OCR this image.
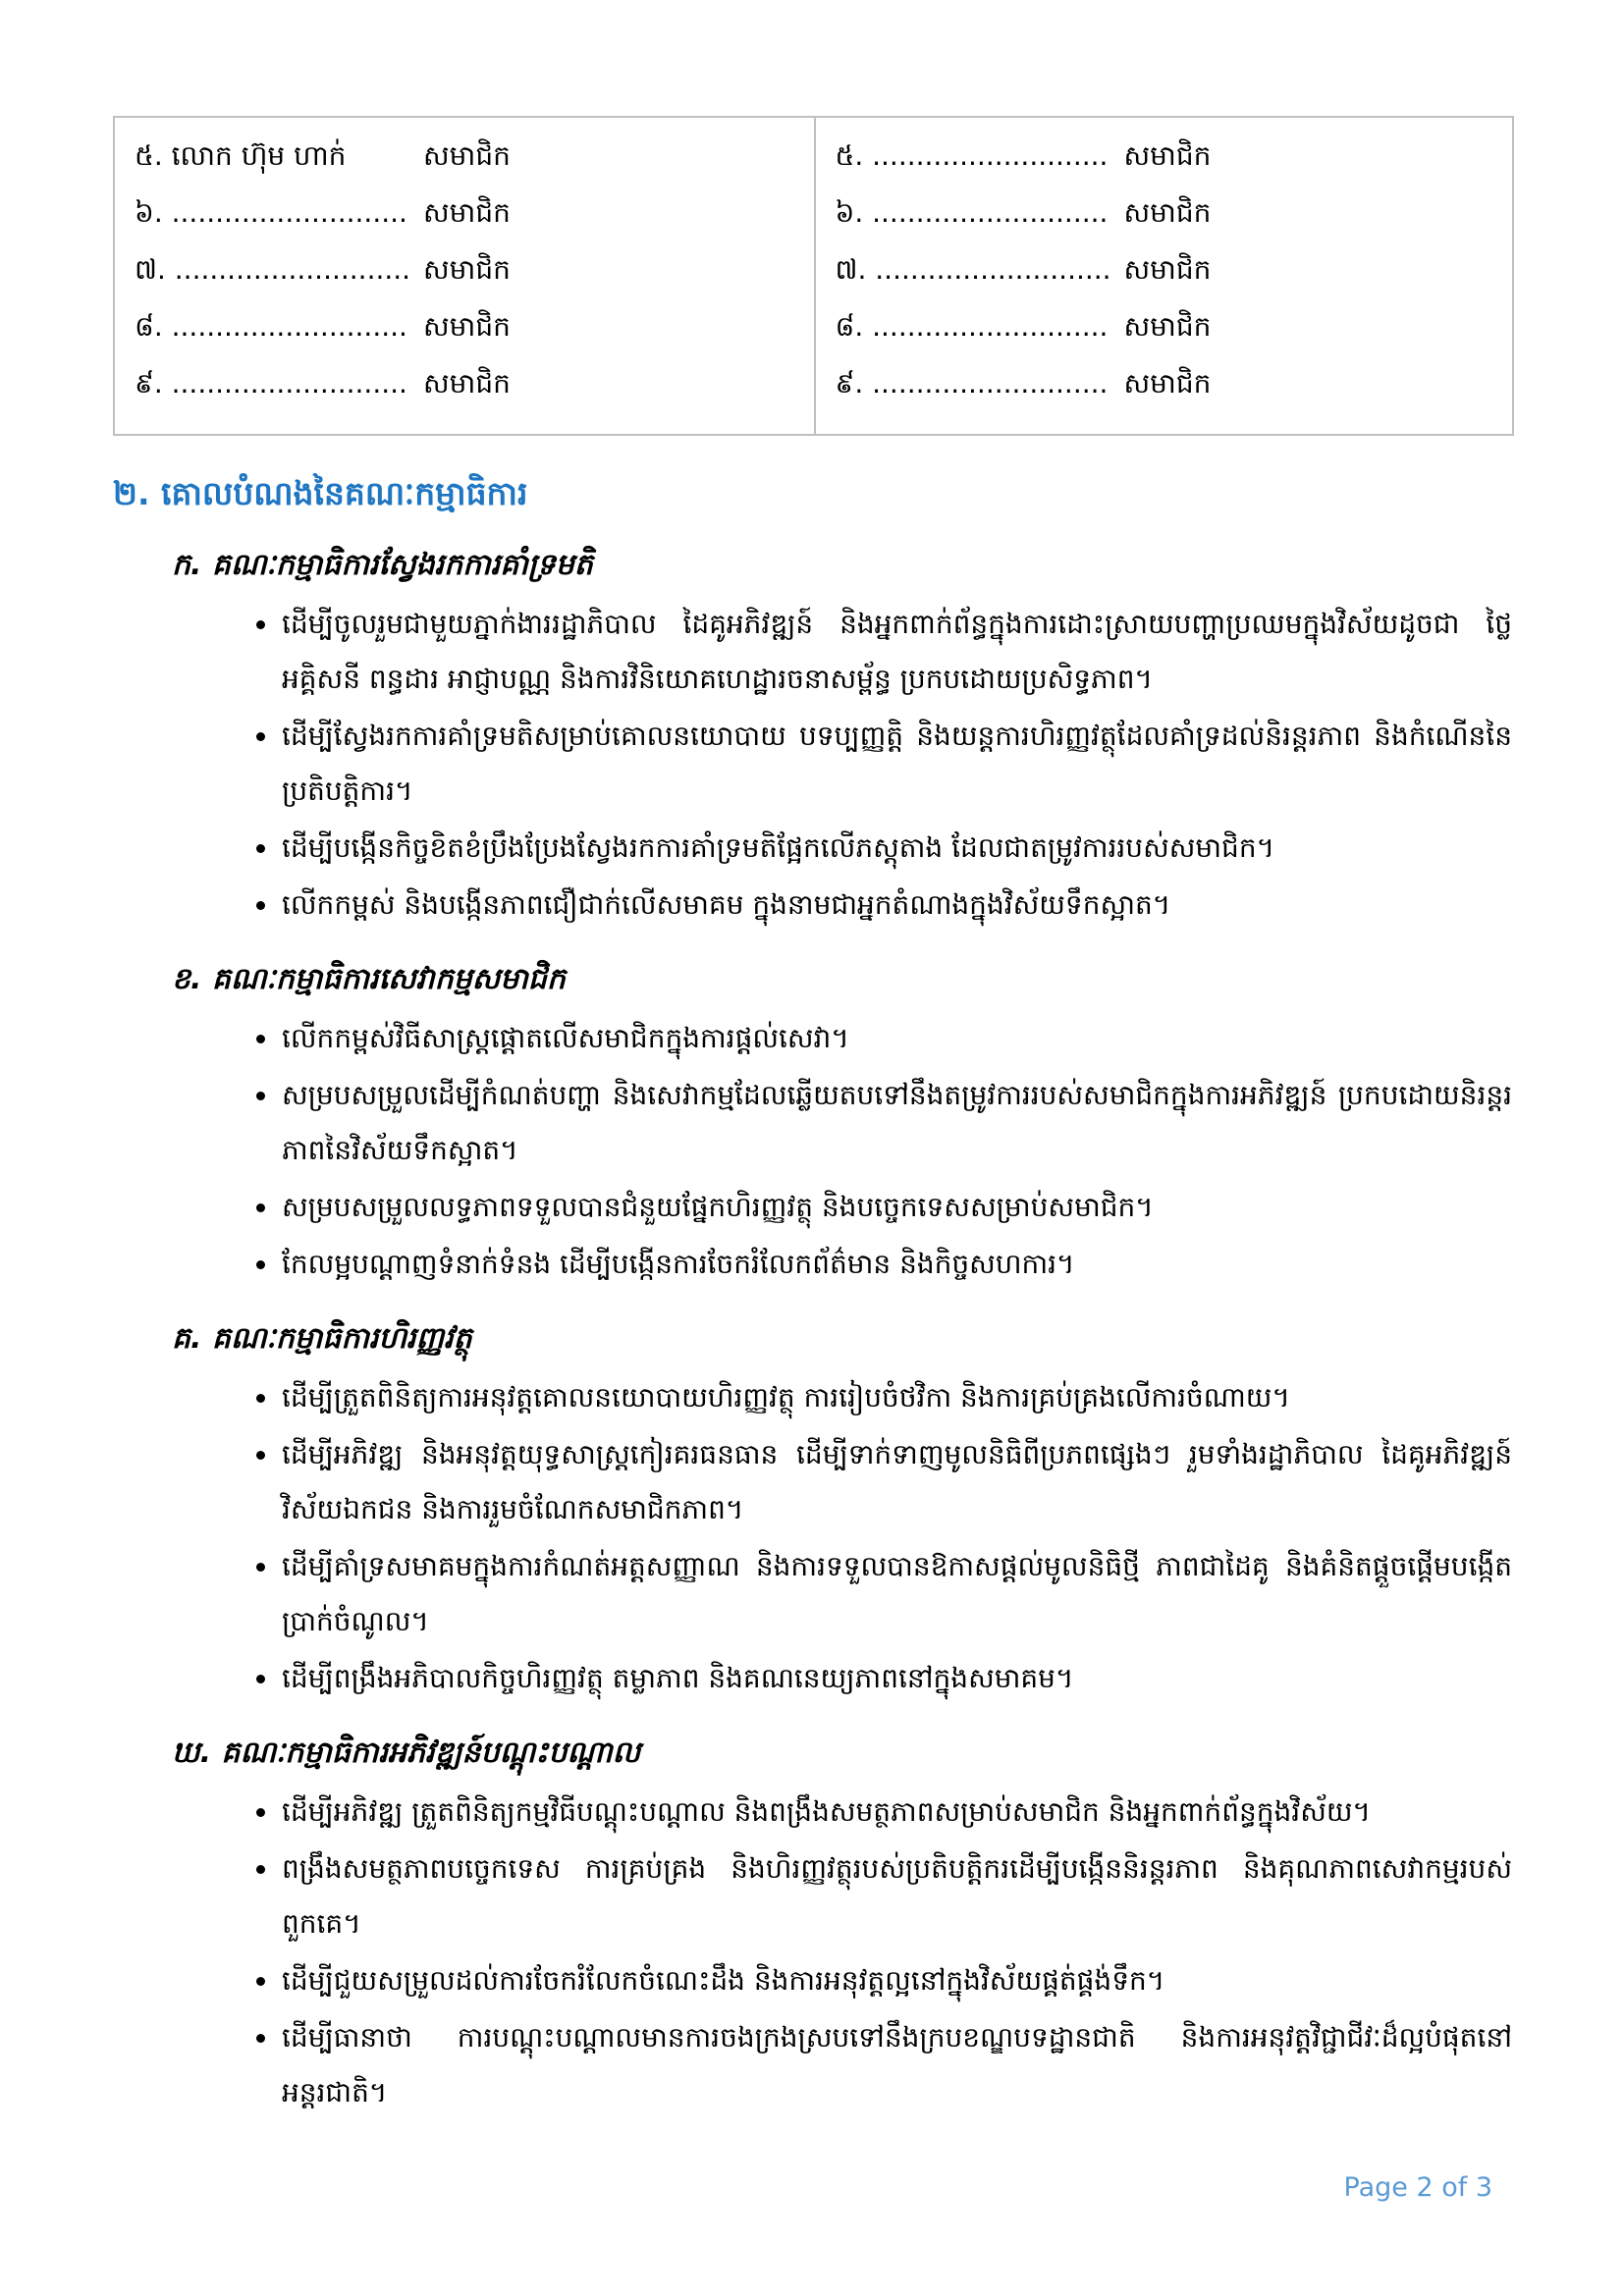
៥. លោក ហ៊ុម ហាក់	សមាជិក
៦. ........................... សមាជិក
៧. ........................... សមាជិក
៨. ........................... សមាជិក
៩. ........................... សមាជិក
៥. ........................... សមាជិក
៦. ........................... សមាជិក
៧. ........................... សមាជិក
៨. ........................... សមាជិក
៩. ........................... សមាជិក
២. គោលបំណងនៃគណៈកម្មាធិការ
ក. គណៈកម្មាធិការស្វែងរកការគាំទ្រមតិ
• ដើម្បីចូលរួមជាមួយភ្នាក់ងាររដ្ឋាភិបាល ដៃគូអភិវឌ្ឍន៍ និងអ្នកពាក់ព័ន្ធក្នុងការដោះស្រាយបញ្ហាប្រឈមក្នុងវិស័យដូចជា ថ្លៃអគ្គិសនី ពន្ធដារ អាជ្ញាបណ្ណ និងការវិនិយោគហេដ្ឋារចនាសម្ព័ន្ធ ប្រកបដោយប្រសិទ្ធភាព។
• ដើម្បីស្វែងរកការគាំទ្រមតិសម្រាប់គោលនយោបាយ បទប្បញ្ញត្តិ និងយន្តការហិរញ្ញវត្ថុដែលគាំទ្រដល់និរន្តរភាព និងកំណើននៃប្រតិបត្តិការ។
• ដើម្បីបង្កើនកិច្ចខិតខំប្រឹងប្រែងស្វែងរកការគាំទ្រមតិផ្អែកលើភស្តុតាង ដែលជាតម្រូវការរបស់សមាជិក។
• លើកកម្ពស់ និងបង្កើនភាពជឿជាក់លើសមាគម ក្នុងនាមជាអ្នកតំណាងក្នុងវិស័យទឹកស្អាត។
ខ. គណៈកម្មាធិការសេវាកម្មសមាជិក
• លើកកម្ពស់វិធីសាស្ត្រផ្តោតលើសមាជិកក្នុងការផ្តល់សេវា។
• សម្របសម្រួលដើម្បីកំណត់បញ្ហា និងសេវាកម្មដែលឆ្លើយតបទៅនឹងតម្រូវការរបស់សមាជិកក្នុងការអភិវឌ្ឍន៍ ប្រកបដោយនិរន្តរភាពនៃវិស័យទឹកស្អាត។
• សម្របសម្រួលលទ្ធភាពទទួលបានជំនួយផ្នែកហិរញ្ញវត្ថុ និងបច្ចេកទេសសម្រាប់សមាជិក។
• កែលម្អបណ្តាញទំនាក់ទំនង ដើម្បីបង្កើនការចែករំលែកព័ត៌មាន និងកិច្ចសហការ។
គ. គណៈកម្មាធិការហិរញ្ញវត្ថុ
• ដើម្បីត្រួតពិនិត្យការអនុវត្តគោលនយោបាយហិរញ្ញវត្ថុ ការរៀបចំថវិកា និងការគ្រប់គ្រងលើការចំណាយ។
• ដើម្បីអភិវឌ្ឍ និងអនុវត្តយុទ្ធសាស្ត្រកៀរគរធនធាន ដើម្បីទាក់ទាញមូលនិធិពីប្រភពផ្សេងៗ រួមទាំងរដ្ឋាភិបាល ដៃគូអភិវឌ្ឍន៍ វិស័យឯកជន និងការរួមចំណែកសមាជិកភាព។
• ដើម្បីគាំទ្រសមាគមក្នុងការកំណត់អត្តសញ្ញាណ និងការទទួលបានឱកាសផ្តល់មូលនិធិថ្មី ភាពជាដៃគូ និងគំនិតផ្តួចផ្តើមបង្កើតប្រាក់ចំណូល។
• ដើម្បីពង្រឹងអភិបាលកិច្ចហិរញ្ញវត្ថុ តម្លាភាព និងគណនេយ្យភាពនៅក្នុងសមាគម។
ឃ. គណៈកម្មាធិការអភិវឌ្ឍន៍បណ្តុះបណ្តាល
• ដើម្បីអភិវឌ្ឍ ត្រួតពិនិត្យកម្មវិធីបណ្តុះបណ្តាល និងពង្រឹងសមត្ថភាពសម្រាប់សមាជិក និងអ្នកពាក់ព័ន្ធក្នុងវិស័យ។
• ពង្រឹងសមត្ថភាពបច្ចេកទេស ការគ្រប់គ្រង និងហិរញ្ញវត្ថុរបស់ប្រតិបត្តិករដើម្បីបង្កើននិរន្តរភាព និងគុណភាពសេវាកម្មរបស់ពួកគេ។
• ដើម្បីជួយសម្រួលដល់ការចែករំលែកចំណេះដឹង និងការអនុវត្តល្អនៅក្នុងវិស័យផ្គត់ផ្គង់ទឹក។
• ដើម្បីធានាថា ការបណ្តុះបណ្តាលមានការចងក្រងស្របទៅនឹងក្របខណ្ឌបទដ្ឋានជាតិ និងការអនុវត្តវិជ្ជាជីវៈដ៏ល្អបំផុតនៅអន្តរជាតិ។
Page 2 of 3
